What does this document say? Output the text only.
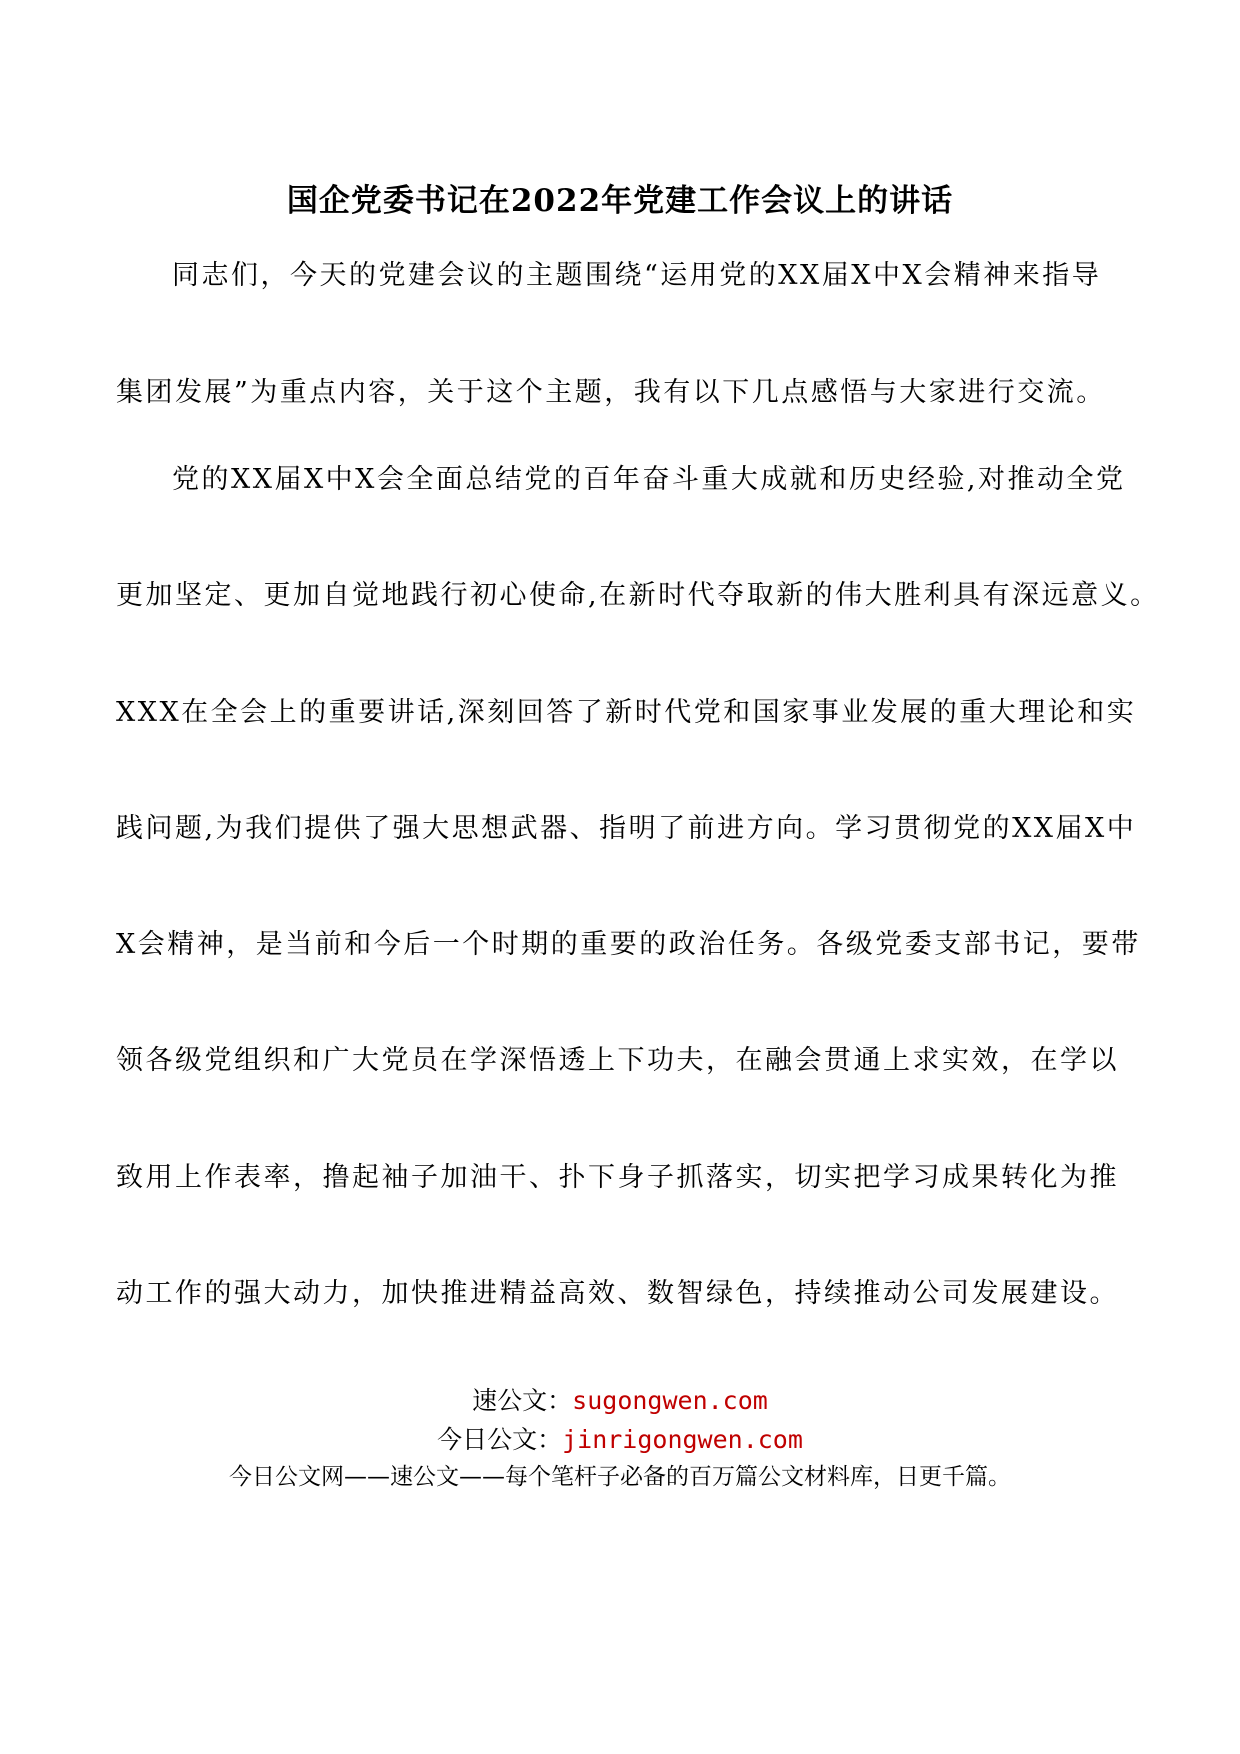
国企党委书记在2022年党建工作会议上的讲话
同志们，今天的党建会议的主题围绕“运用党的XX届X中X会精神来指导
集团发展”为重点内容，关于这个主题，我有以下几点感悟与大家进行交流。
党的XX届X中X会全面总结党的百年奋斗重大成就和历史经验,对推动全党
更加坚定、更加自觉地践行初心使命,在新时代夺取新的伟大胜利具有深远意义。
XXX在全会上的重要讲话,深刻回答了新时代党和国家事业发展的重大理论和实
践问题,为我们提供了强大思想武器、指明了前进方向。学习贯彻党的XX届X中
X会精神，是当前和今后一个时期的重要的政治任务。各级党委支部书记，要带
领各级党组织和广大党员在学深悟透上下功夫，在融会贯通上求实效，在学以
致用上作表率，撸起袖子加油干、扑下身子抓落实，切实把学习成果转化为推
动工作的强大动力，加快推进精益高效、数智绿色，持续推动公司发展建设。
速公文：sugongwen.com
今日公文：jinrigongwen.com
今日公文网——速公文——每个笔杆子必备的百万篇公文材料库，日更千篇。
